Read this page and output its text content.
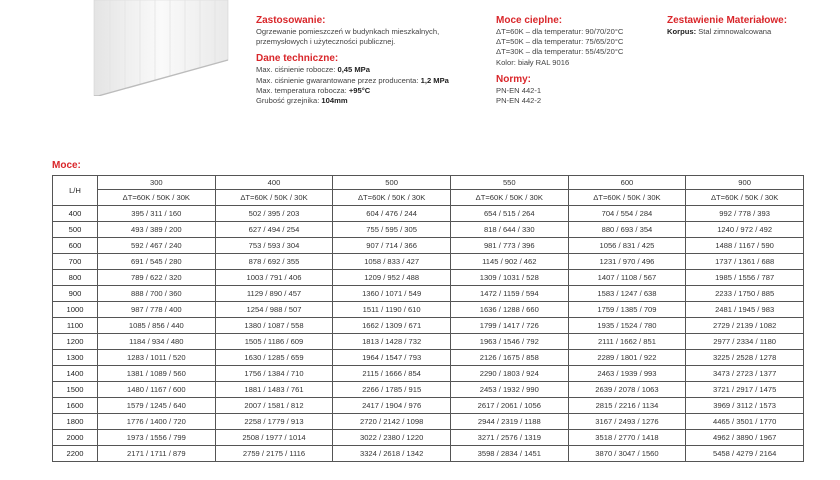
Zastosowanie:
Ogrzewanie pomieszczeń w budynkach mieszkalnych,
przemysłowych i użyteczności publicznej.
Dane techniczne:
Max. ciśnienie robocze: 0,45 MPa
Max. ciśnienie gwarantowane przez producenta: 1,2 MPa
Max. temperatura robocza: +95°C
Grubość grzejnika: 104mm
Moce cieplne:
ΔT=60K – dla temperatur: 90/70/20°C
ΔT=50K – dla temperatur: 75/65/20°C
ΔT=30K – dla temperatur: 55/45/20°C
Kolor: biały RAL 9016
Normy:
PN-EN 442-1
PN-EN 442-2
Zestawienie Materiałowe:
Korpus: Stal zimnowalcowana
Moce:
L/H	300	400	500	550	600	900
	ΔT=60K / 50K / 30K	ΔT=60K / 50K / 30K	ΔT=60K / 50K / 30K	ΔT=60K / 50K / 30K	ΔT=60K / 50K / 30K	ΔT=60K / 50K / 30K
400	395 / 311 / 160	502 / 395 / 203	604 / 476 / 244	654 / 515 / 264	704 / 554 / 284	992 / 778 / 393
500	493 / 389 / 200	627 / 494 / 254	755 / 595 / 305	818 / 644 / 330	880 / 693 / 354	1240 / 972 / 492
600	592 / 467 / 240	753 / 593 / 304	907 / 714 / 366	981 / 773 / 396	1056 / 831 / 425	1488 / 1167 / 590
700	691 / 545 / 280	878 / 692 / 355	1058 / 833 / 427	1145 / 902 / 462	1231 / 970 / 496	1737 / 1361 / 688
800	789 / 622 / 320	1003 / 791 / 406	1209 / 952 / 488	1309 / 1031 / 528	1407 / 1108 / 567	1985 / 1556 / 787
900	888 / 700 / 360	1129 / 890 / 457	1360 / 1071 / 549	1472 / 1159 / 594	1583 / 1247 / 638	2233 / 1750 / 885
1000	987 / 778 / 400	1254 / 988 / 507	1511 / 1190 / 610	1636 / 1288 / 660	1759 / 1385 / 709	2481 / 1945 / 983
1100	1085 / 856 / 440	1380 / 1087 / 558	1662 / 1309 / 671	1799 / 1417 / 726	1935 / 1524 / 780	2729 / 2139 / 1082
1200	1184 / 934 / 480	1505 / 1186 / 609	1813 / 1428 / 732	1963 / 1546 / 792	2111 / 1662 / 851	2977 / 2334 / 1180
1300	1283 / 1011 / 520	1630 / 1285 / 659	1964 / 1547 / 793	2126 / 1675 / 858	2289 / 1801 / 922	3225 / 2528 / 1278
1400	1381 / 1089 / 560	1756 / 1384 / 710	2115 / 1666 / 854	2290 / 1803 / 924	2463 / 1939 / 993	3473 / 2723 / 1377
1500	1480 / 1167 / 600	1881 / 1483 / 761	2266 / 1785 / 915	2453 / 1932 / 990	2639 / 2078 / 1063	3721 / 2917 / 1475
1600	1579 / 1245 / 640	2007 / 1581 / 812	2417 / 1904 / 976	2617 / 2061 / 1056	2815 / 2216 / 1134	3969 / 3112 / 1573
1800	1776 / 1400 / 720	2258 / 1779 / 913	2720 / 2142 / 1098	2944 / 2319 / 1188	3167 / 2493 / 1276	4465 / 3501 / 1770
2000	1973 / 1556 / 799	2508 / 1977 / 1014	3022 / 2380 / 1220	3271 / 2576 / 1319	3518 / 2770 / 1418	4962 / 3890 / 1967
2200	2171 / 1711 / 879	2759 / 2175 / 1116	3324 / 2618 / 1342	3598 / 2834 / 1451	3870 / 3047 / 1560	5458 / 4279 / 2164
